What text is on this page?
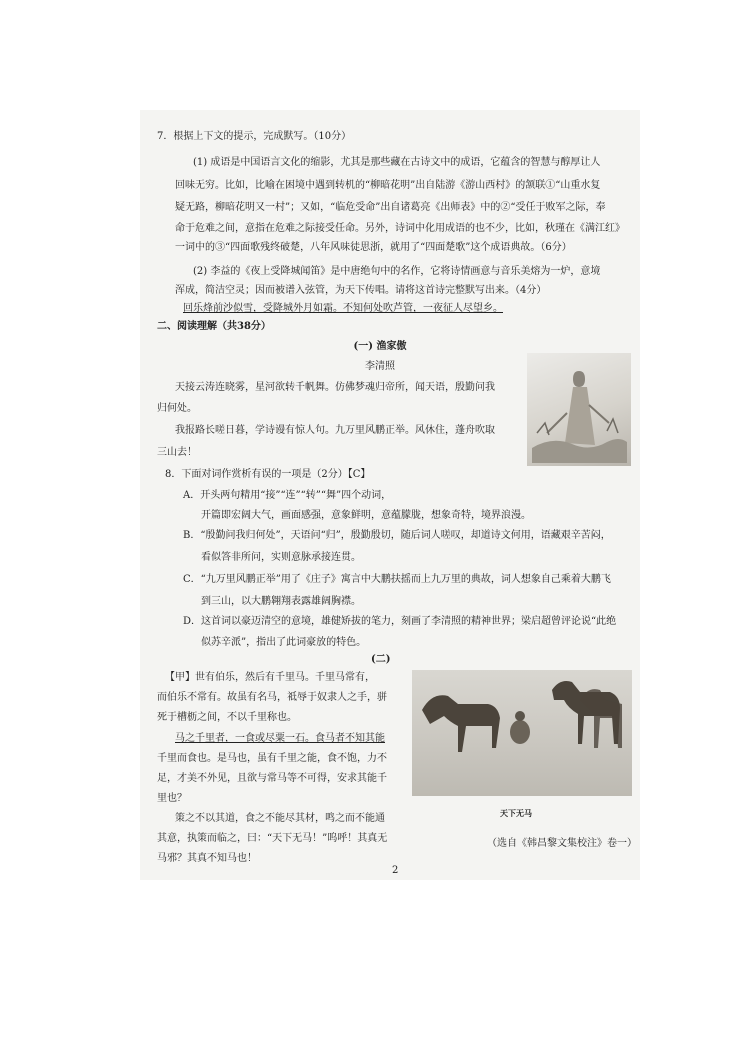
7．根据上下文的提示，完成默写。（10分）
(1) 成语是中国语言文化的缩影，尤其是那些藏在古诗文中的成语，它蕴含的智慧与醇厚让人
回味无穷。比如，比喻在困境中遇到转机的“柳暗花明”出自陆游《游山西村》的颔联①“山重水复
疑无路，柳暗花明又一村”；又如，“临危受命”出自诸葛亮《出师表》中的②“受任于败军之际，奉
命于危难之间，意指在危难之际接受任命。另外，诗词中化用成语的也不少，比如，秋瑾在《满江红》
一词中的③“四面歌残终破楚，八年风味徒思浙，就用了“四面楚歌”这个成语典故。（6分）
(2) 李益的《夜上受降城闻笛》是中唐绝句中的名作，它将诗情画意与音乐美熔为一炉，意境
浑成，简洁空灵；因而被谱入弦管，为天下传唱。请将这首诗完整默写出来。（4分）
回乐烽前沙似雪，受降城外月如霜。不知何处吹芦管，一夜征人尽望乡。
二、阅读理解（共38分）
(一) 渔家傲
李清照
天接云涛连晓雾，星河欲转千帆舞。仿佛梦魂归帝所，闻天语，殷勤问我
归何处。
我报路长嗟日暮，学诗谩有惊人句。九万里风鹏正举。风休住，蓬舟吹取
三山去！
8．下面对词作赏析有误的一项是（2分）【C】
A．开头两句精用“接”“连”“转”“舞”四个动词，
开篇即宏阔大气，画面感强，意象鲜明，意蕴朦胧，想象奇特，境界浪漫。
B．“殷勤问我归何处”，天语问“归”，殷勤殷切，随后词人嗟叹，却道诗文何用，语藏艰辛苦闷，
看似答非所问，实则意脉承接连贯。
C．“九万里风鹏正举”用了《庄子》寓言中大鹏扶摇而上九万里的典故，词人想象自己乘着大鹏飞
到三山，以大鹏翱翔表露雄阔胸襟。
D．这首词以豪迈清空的意境，雄健矫拔的笔力，刻画了李清照的精神世界；梁启超曾评论说“此绝
似苏辛派”，指出了此词豪放的特色。
(二)
【甲】世有伯乐，然后有千里马。千里马常有，
而伯乐不常有。故虽有名马，祗辱于奴隶人之手，骈
死于槽枥之间，不以千里称也。
马之千里者，一食或尽粟一石。食马者不知其能
千里而食也。是马也，虽有千里之能，食不饱，力不
足，才美不外见，且欲与常马等不可得，安求其能千
里也？
策之不以其道，食之不能尽其材，鸣之而不能通
其意，执策而临之，曰：“天下无马！”呜呼！其真无
马邪？其真不知马也！
天下无马
（选自《韩昌黎文集校注》卷一）
2
